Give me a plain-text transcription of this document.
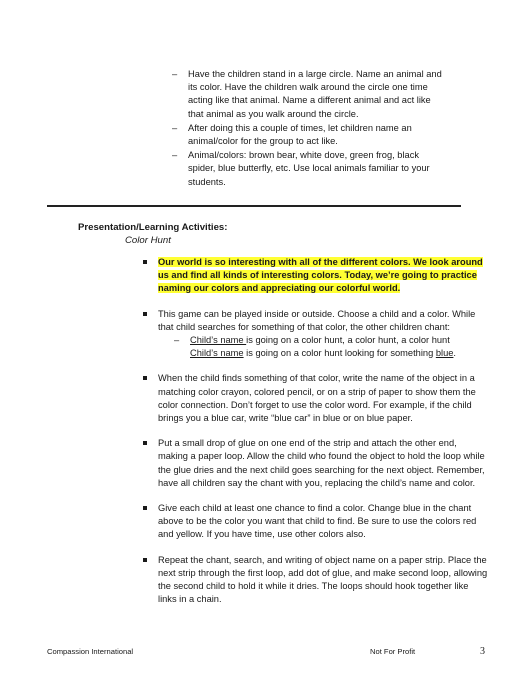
– Have the children stand in a large circle. Name an animal and its color. Have the children walk around the circle one time acting like that animal. Name a different animal and act like that animal as you walk around the circle.
– After doing this a couple of times, let children name an animal/color for the group to act like.
– Animal/colors: brown bear, white dove, green frog, black spider, blue butterfly, etc. Use local animals familiar to your students.
Presentation/Learning Activities:
Color Hunt
Our world is so interesting with all of the different colors. We look around us and find all kinds of interesting colors. Today, we’re going to practice naming our colors and appreciating our colorful world.
This game can be played inside or outside. Choose a child and a color. While that child searches for something of that color, the other children chant:
– Child’s name is going on a color hunt, a color hunt, a color hunt
Child’s name is going on a color hunt looking for something blue.
When the child finds something of that color, write the name of the object in a matching color crayon, colored pencil, or on a strip of paper to show them the color connection. Don’t forget to use the color word. For example, if the child brings you a blue car, write “blue car” in blue or on blue paper.
Put a small drop of glue on one end of the strip and attach the other end, making a paper loop. Allow the child who found the object to hold the loop while the glue dries and the next child goes searching for the next object. Remember, have all children say the chant with you, replacing the child’s name and color.
Give each child at least one chance to find a color. Change blue in the chant above to be the color you want that child to find. Be sure to use the colors red and yellow. If you have time, use other colors also.
Repeat the chant, search, and writing of object name on a paper strip. Place the next strip through the first loop, add dot of glue, and make second loop, allowing the second child to hold it while it dries. The loops should hook together like links in a chain.
Compassion International	Not For Profit	3
